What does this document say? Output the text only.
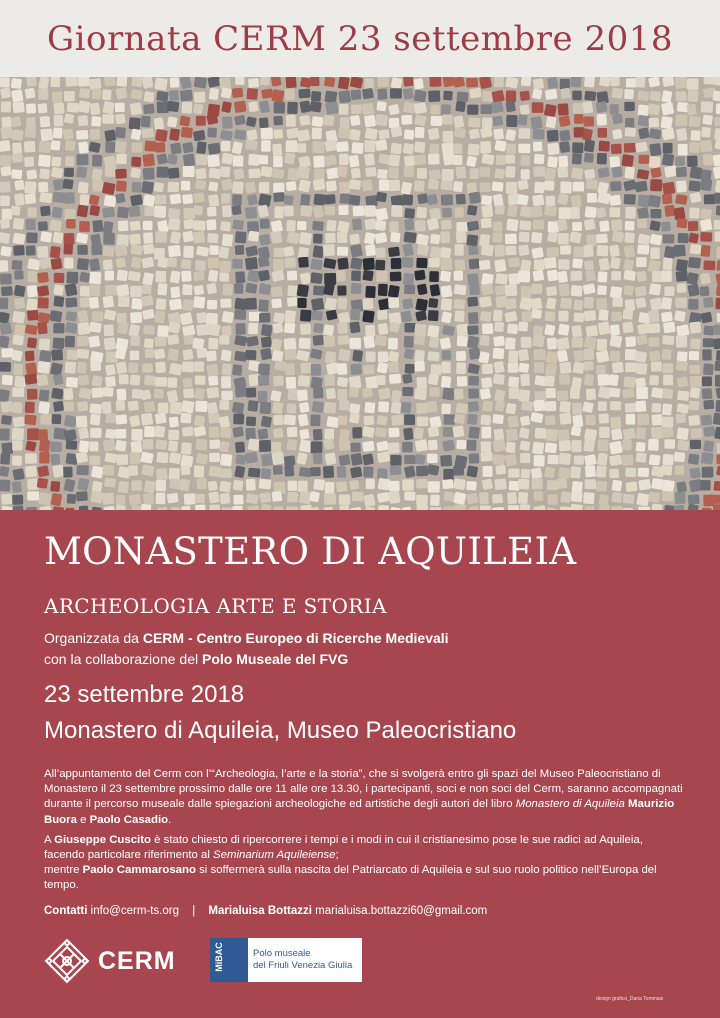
Giornata CERM 23 settembre 2018
MONASTERO DI AQUILEIA
ARCHEOLOGIA ARTE E STORIA
Organizzata da CERM - Centro Europeo di Ricerche Medievali
con la collaborazione del Polo Museale del FVG
23 settembre 2018
Monastero di Aquileia, Museo Paleocristiano

All’appuntamento del Cerm con l’“Archeologia, l’arte e la storia”, che si svolgerà entro gli spazi del Museo Paleocristiano di Monastero il 23 settembre prossimo dalle ore 11 alle ore 13.30, i partecipanti, soci e non soci del Cerm, saranno accompagnati durante il percorso museale dalle spiegazioni archeologiche ed artistiche degli autori del libro Monastero di Aquileia Maurizio Buora e Paolo Casadio.

A Giuseppe Cuscito è stato chiesto di ripercorrere i tempi e i modi in cui il cristianesimo pose le sue radici ad Aquileia, facendo particolare riferimento al Seminarium Aquileiense;

mentre Paolo Cammarosano si soffermerà sulla nascita del Patriarcato di Aquileia e sul suo ruolo politico nell’Europa del tempo.

Contatti info@cerm-ts.org | Marialuisa Bottazzi marialuisa.bottazzi60@gmail.com
CERM	MiBAC	Polo museale
del Friuli Venezia Giulia
design grafico_Daria Tommasi
